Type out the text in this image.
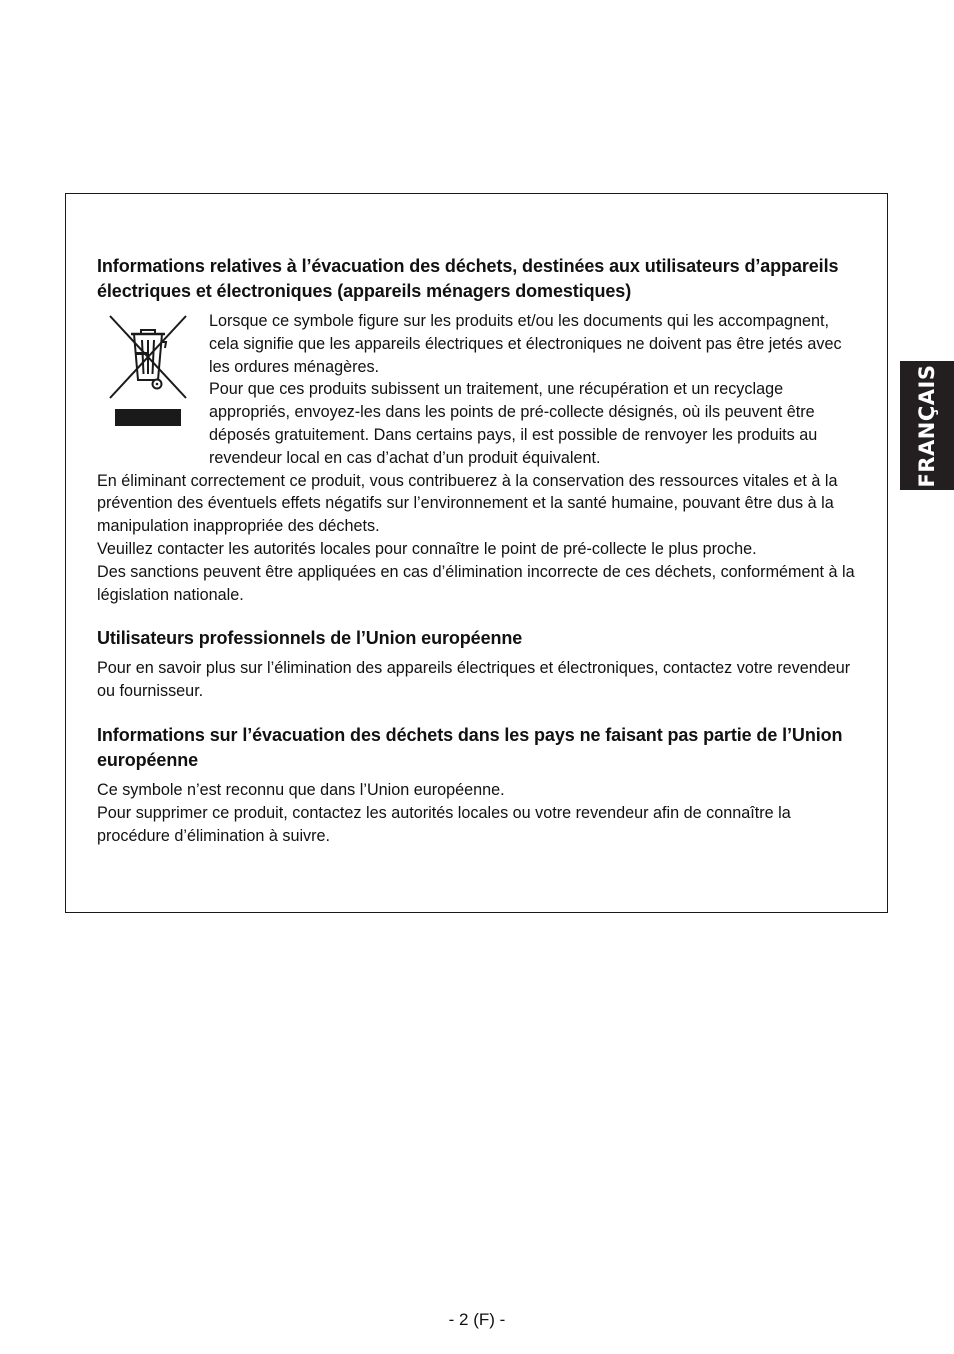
Informations relatives à l’évacuation des déchets, destinées aux utilisateurs d’appareils électriques et électroniques (appareils ménagers domestiques)

Lorsque ce symbole figure sur les produits et/ou les documents qui les accompagnent, cela signifie que les appareils électriques et électroniques ne doivent pas être jetés avec les ordures ménagères.

Pour que ces produits subissent un traitement, une récupération et un recyclage appropriés, envoyez-les dans les points de pré-collecte désignés, où ils peuvent être déposés gratuitement. Dans certains pays, il est possible de renvoyer les produits au revendeur local en cas d’achat d’un produit équivalent.

En éliminant correctement ce produit, vous contribuerez à la conservation des ressources vitales et à la prévention des éventuels effets négatifs sur l’environnement et la santé humaine, pouvant être dus à la manipulation inappropriée des déchets.

Veuillez contacter les autorités locales pour connaître le point de pré-collecte le plus proche.

Des sanctions peuvent être appliquées en cas d’élimination incorrecte de ces déchets, conformément à la législation nationale.

Utilisateurs professionnels de l’Union européenne

Pour en savoir plus sur l’élimination des appareils électriques et électroniques, contactez votre revendeur ou fournisseur.

Informations sur l’évacuation des déchets dans les pays ne faisant pas partie de l’Union européenne

Ce symbole n’est reconnu que dans l’Union européenne.

Pour supprimer ce produit, contactez les autorités locales ou votre revendeur afin de connaître la procédure d’élimination à suivre.

FRANÇAIS
- 2 (F) -
